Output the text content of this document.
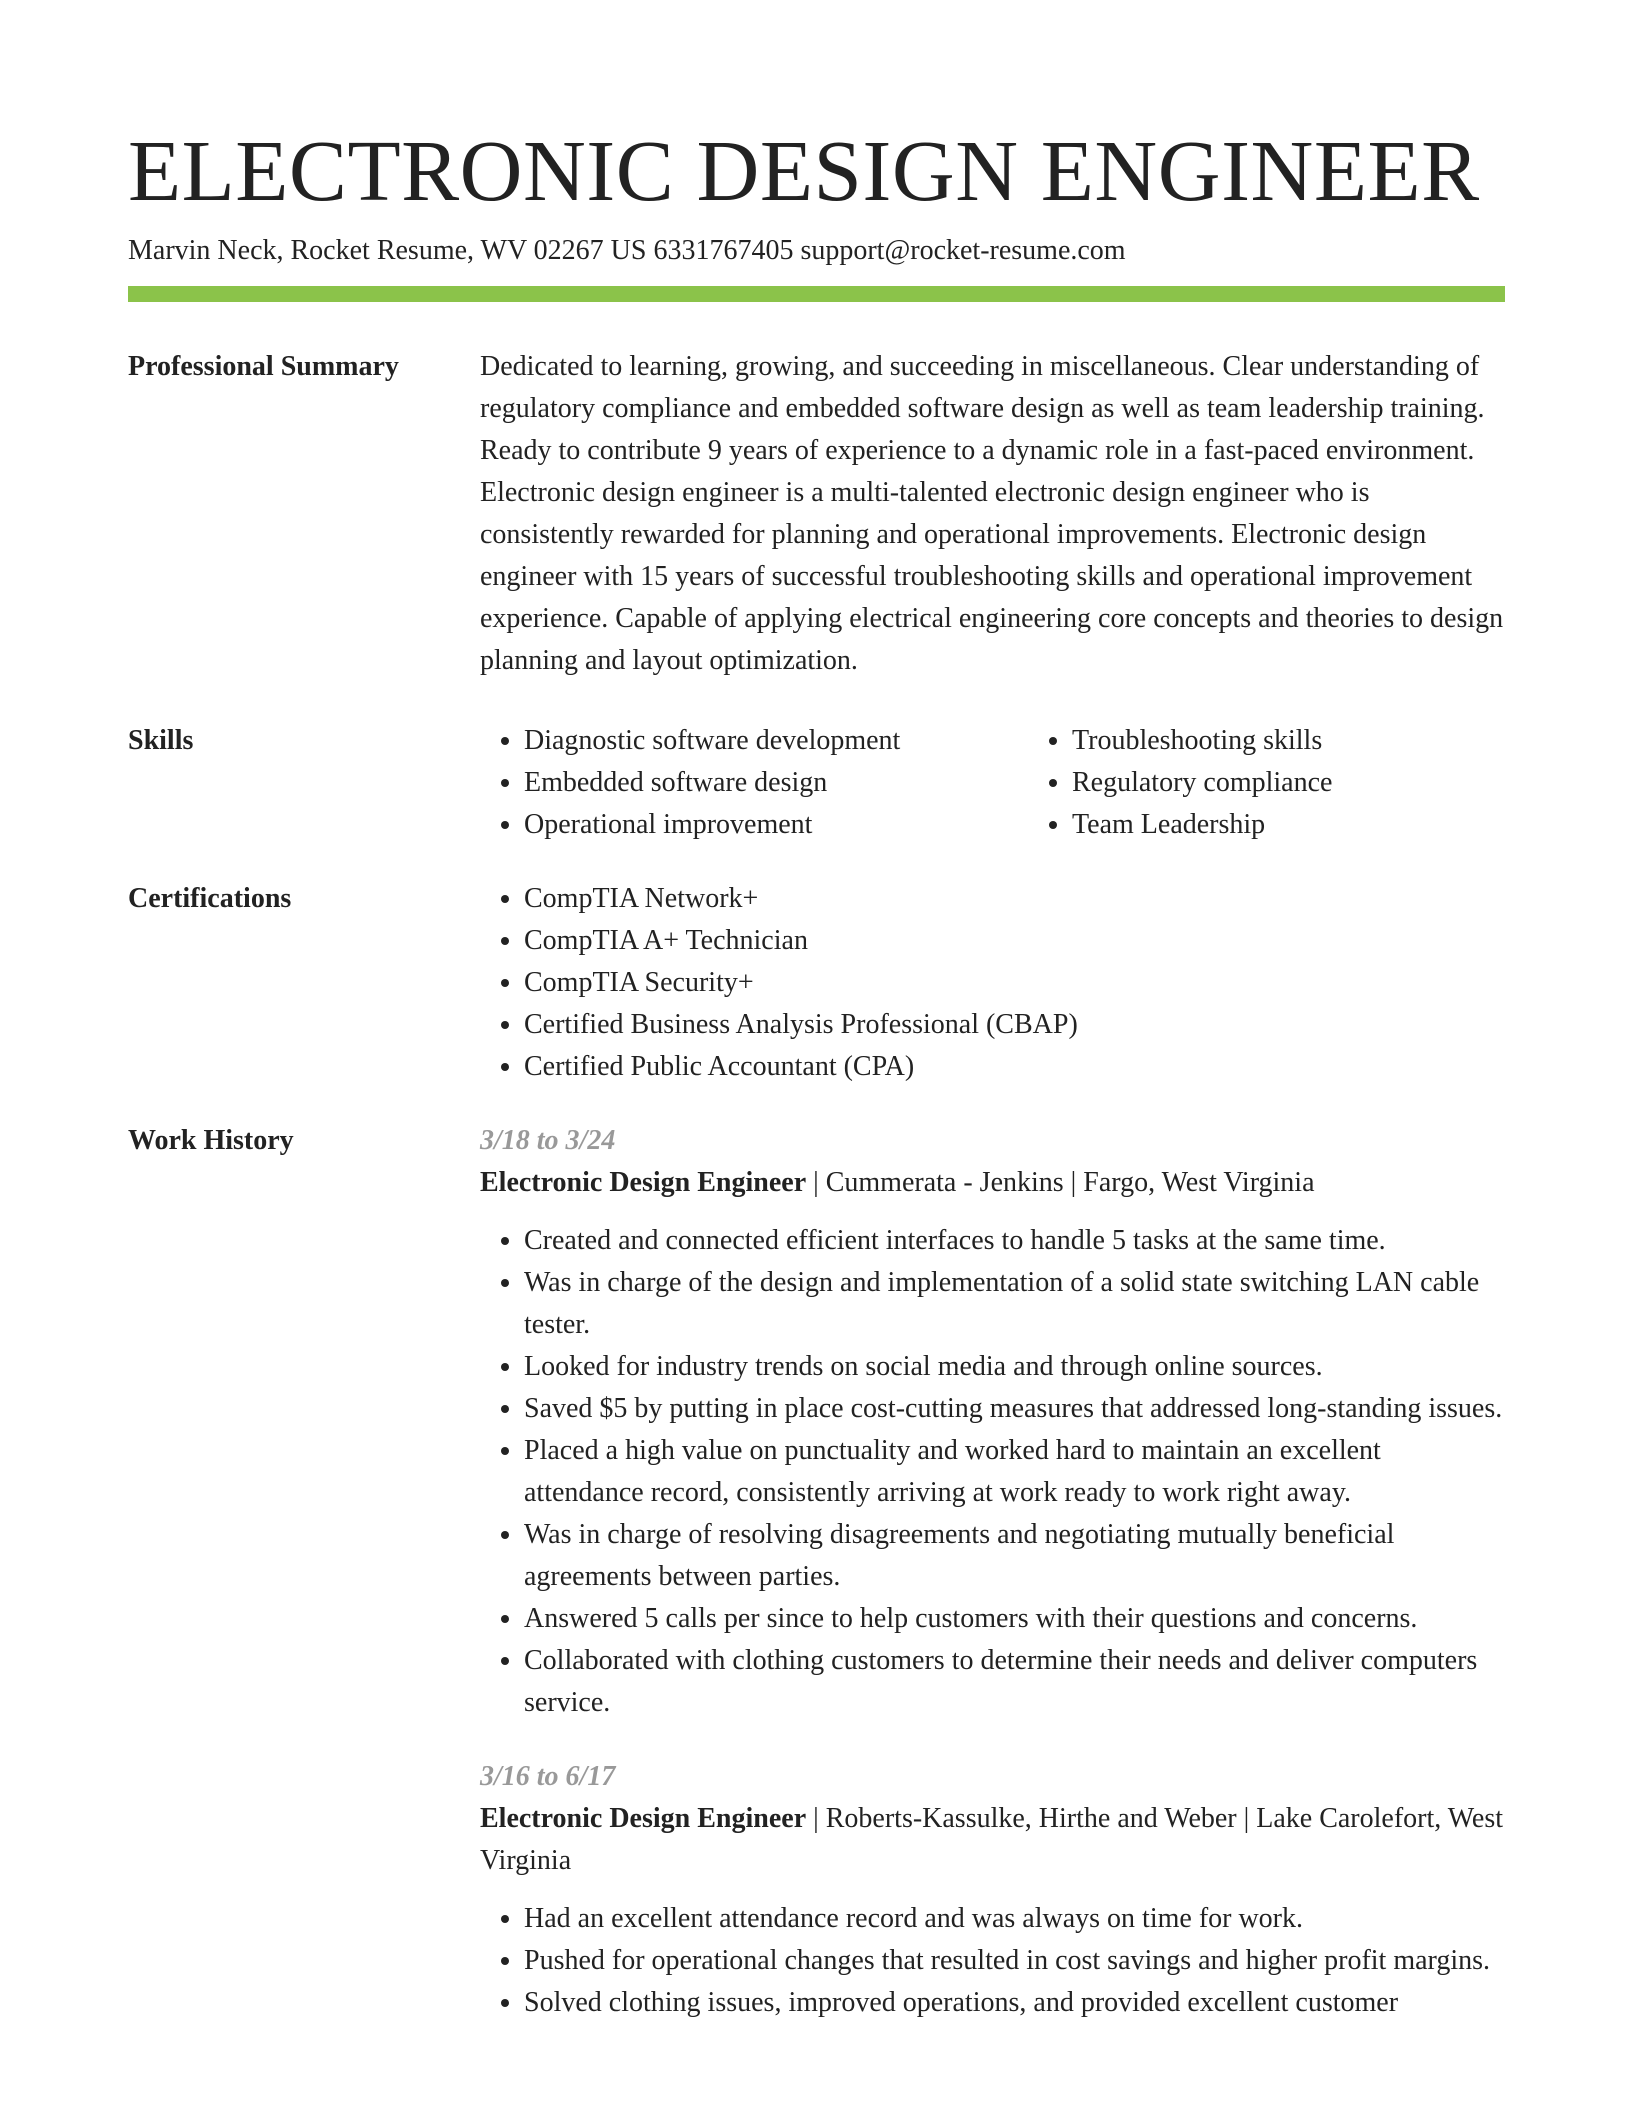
ELECTRONIC DESIGN ENGINEER
Marvin Neck, Rocket Resume, WV 02267 US 6331767405 support@rocket-resume.com
Professional Summary	Dedicated to learning, growing, and succeeding in miscellaneous. Clear understanding of regulatory compliance and embedded software design as well as team leadership training. Ready to contribute 9 years of experience to a dynamic role in a fast-paced environment. Electronic design engineer is a multi-talented electronic design engineer who is consistently rewarded for planning and operational improvements. Electronic design engineer with 15 years of successful troubleshooting skills and operational improvement experience. Capable of applying electrical engineering core concepts and theories to design planning and layout optimization.

Skills	• Diagnostic software development
• Embedded software design
• Operational improvement
• Troubleshooting skills
• Regulatory compliance
• Team Leadership
Certifications	• CompTIA Network+
• CompTIA A+ Technician
• CompTIA Security+
• Certified Business Analysis Professional (CBAP)
• Certified Public Accountant (CPA)
Work History	3/18 to 3/24
Electronic Design Engineer | Cummerata - Jenkins | Fargo, West Virginia
• Created and connected efficient interfaces to handle 5 tasks at the same time.
• Was in charge of the design and implementation of a solid state switching LAN cable tester.
• Looked for industry trends on social media and through online sources.
• Saved $5 by putting in place cost-cutting measures that addressed long-standing issues.
• Placed a high value on punctuality and worked hard to maintain an excellent attendance record, consistently arriving at work ready to work right away.
• Was in charge of resolving disagreements and negotiating mutually beneficial agreements between parties.
• Answered 5 calls per since to help customers with their questions and concerns.
• Collaborated with clothing customers to determine their needs and deliver computers service.
3/16 to 6/17
Electronic Design Engineer | Roberts-Kassulke, Hirthe and Weber | Lake Carolefort, West Virginia
• Had an excellent attendance record and was always on time for work.
• Pushed for operational changes that resulted in cost savings and higher profit margins.
• Solved clothing issues, improved operations, and provided excellent customer
